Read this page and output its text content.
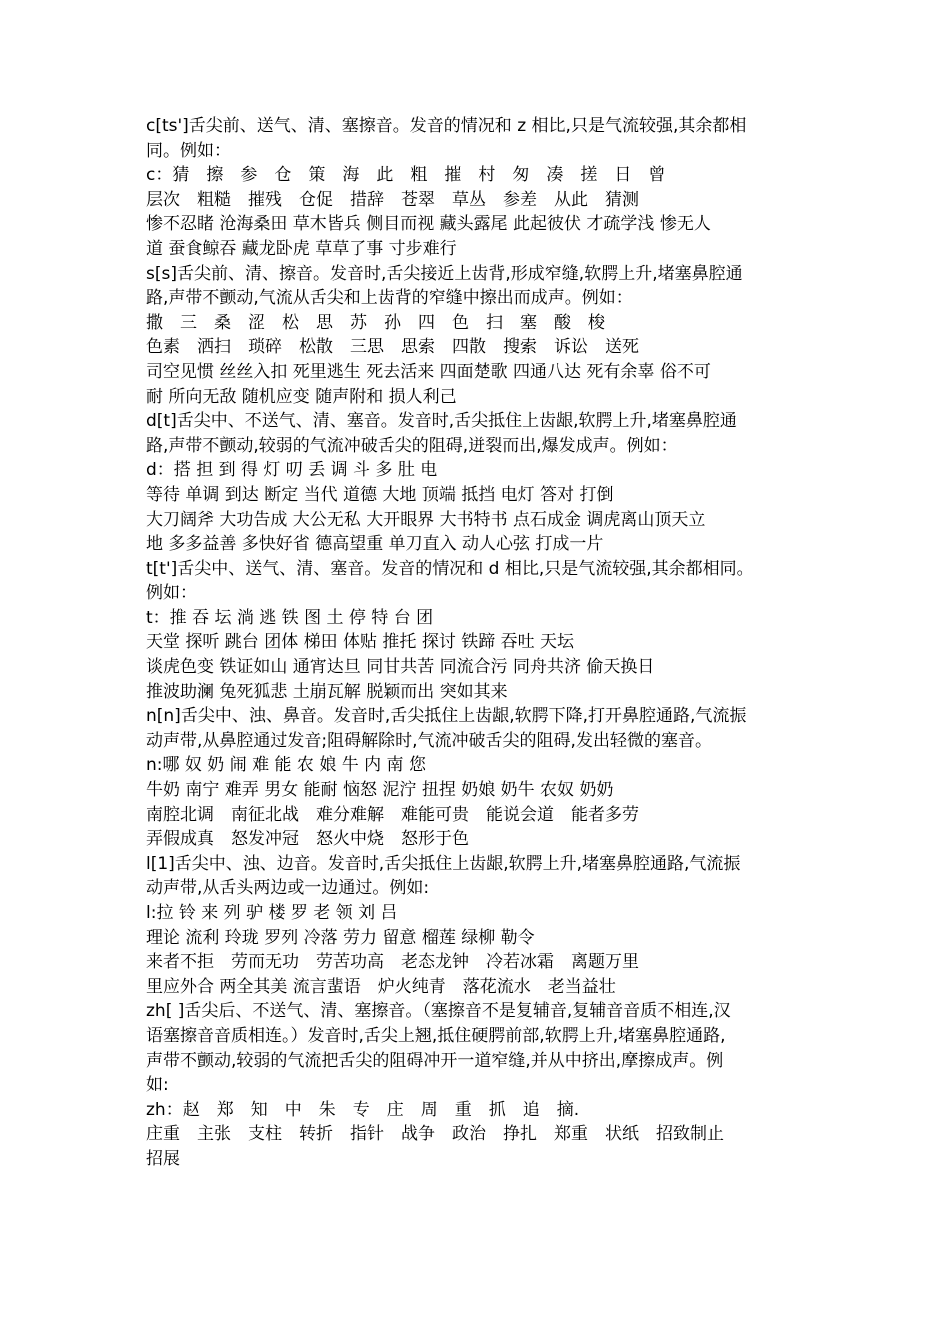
c[ts']舌尖前、送气、清、塞擦音。发音的情况和 z 相比,只是气流较强,其余都相
同。例如：
c：猜　擦　参　仓　策　海　此　粗　摧　村　匆　凑　搓　日　曾
层次　粗糙　摧残　仓促　措辞　苍翠　草丛　参差　从此　猜测
惨不忍睹 沧海桑田 草木皆兵 侧目而视 藏头露尾 此起彼伏 才疏学浅 惨无人
道 蚕食鲸吞 藏龙卧虎 草草了事 寸步难行
s[s]舌尖前、清、擦音。发音时,舌尖接近上齿背,形成窄缝,软腭上升,堵塞鼻腔通
路,声带不颤动,气流从舌尖和上齿背的窄缝中擦出而成声。例如：
撒　三　桑　涩　松　思　苏　孙　四　色　扫　塞　酸　梭
色素　洒扫　琐碎　松散　三思　思索　四散　搜索　诉讼　送死
司空见惯 丝丝入扣 死里逃生 死去活来 四面楚歌 四通八达 死有余辜 俗不可
耐 所向无敌 随机应变 随声附和 损人利己
d[t]舌尖中、不送气、清、塞音。发音时,舌尖抵住上齿龈,软腭上升,堵塞鼻腔通
路,声带不颤动,较弱的气流冲破舌尖的阻碍,迸裂而出,爆发成声。例如：
d：搭 担 到 得 灯 叨 丢 调 斗 多 肚 电
等待 单调 到达 断定 当代 道德 大地 顶端 抵挡 电灯 答对 打倒
大刀阔斧 大功告成 大公无私 大开眼界 大书特书 点石成金 调虎离山顶天立
地 多多益善 多快好省 德高望重 单刀直入 动人心弦 打成一片
t[t']舌尖中、送气、清、塞音。发音的情况和 d 相比,只是气流较强,其余都相同。
例如：
t：推 吞 坛 淌 逃 铁 图 土 停 特 台 团
天堂 探听 跳台 团体 梯田 体贴 推托 探讨 铁蹄 吞吐 天坛
谈虎色变 铁证如山 通宵达旦 同甘共苦 同流合污 同舟共济 偷天换日
推波助澜 兔死狐悲 土崩瓦解 脱颖而出 突如其来
n[n]舌尖中、浊、鼻音。发音时,舌尖抵住上齿龈,软腭下降,打开鼻腔通路,气流振
动声带,从鼻腔通过发音;阻碍解除时,气流冲破舌尖的阻碍,发出轻微的塞音。
n:哪 奴 奶 闹 难 能 农 娘 牛 内 南 您
牛奶 南宁 难弄 男女 能耐 恼怒 泥泞 扭捏 奶娘 奶牛 农奴 奶奶
南腔北调　南征北战　难分难解　难能可贵　能说会道　能者多劳
弄假成真　怒发冲冠　怒火中烧　怒形于色
l[1]舌尖中、浊、边音。发音时,舌尖抵住上齿龈,软腭上升,堵塞鼻腔通路,气流振
动声带,从舌头两边或一边通过。例如:
l:拉 铃 来 列 驴 楼 罗 老 领 刘 吕
理论 流利 玲珑 罗列 冷落 劳力 留意 榴莲 绿柳 勒令
来者不拒　劳而无功　劳苦功高　老态龙钟　冷若冰霜　离题万里
里应外合 两全其美 流言蜚语　炉火纯青　落花流水　老当益壮
zh[ ]舌尖后、不送气、清、塞擦音。（塞擦音不是复辅音,复辅音音质不相连,汉
语塞擦音音质相连。）发音时,舌尖上翘,抵住硬腭前部,软腭上升,堵塞鼻腔通路,
声带不颤动,较弱的气流把舌尖的阻碍冲开一道窄缝,并从中挤出,摩擦成声。例
如:
zh：赵　郑　知　中　朱　专　庄　周　重　抓　追　摘.
庄重　主张　支柱　转折　指针　战争　政治　挣扎　郑重　状纸　招致制止
招展
